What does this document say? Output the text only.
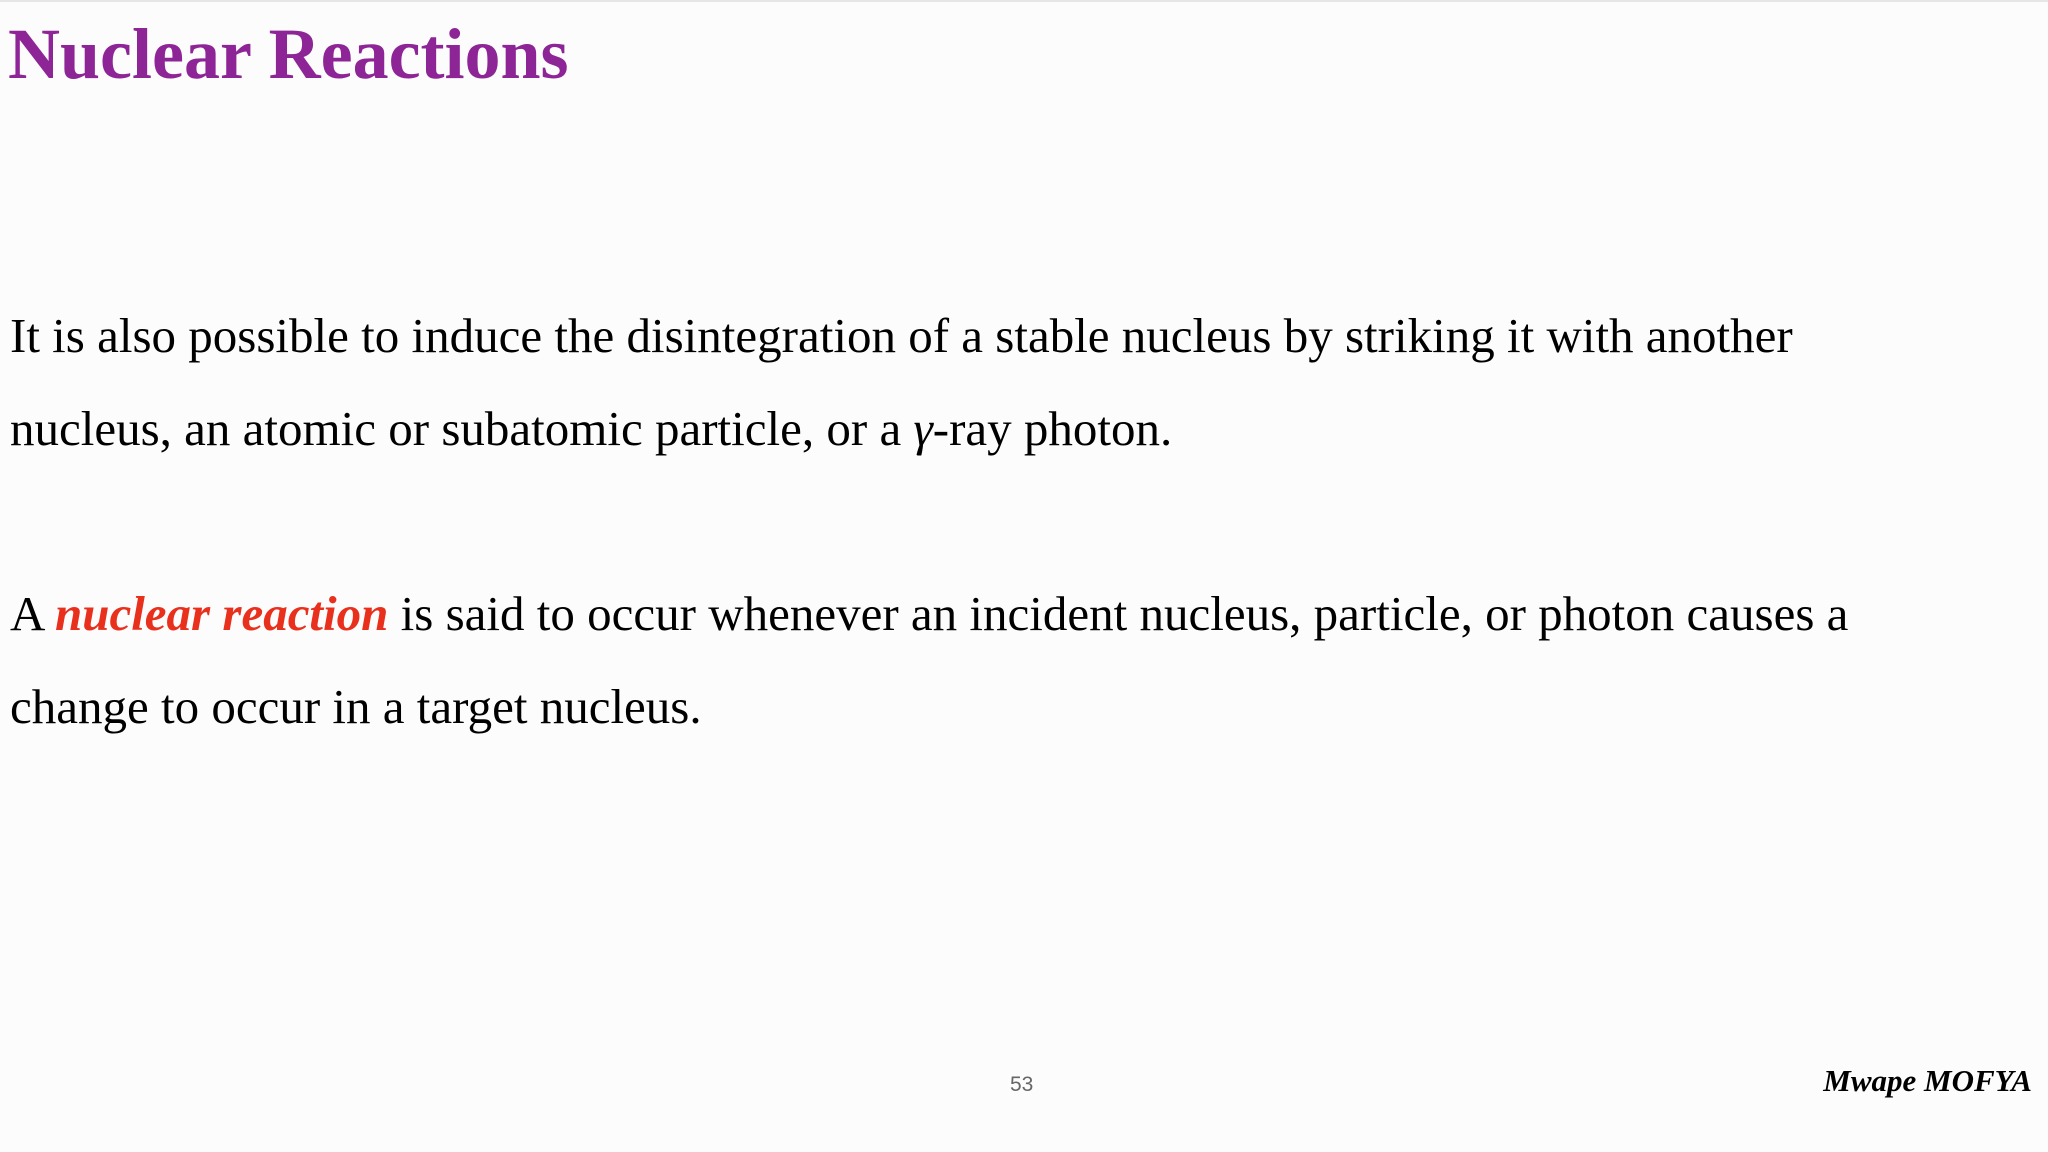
Nuclear Reactions

It is also possible to induce the disintegration of a stable nucleus by striking it with another
nucleus, an atomic or subatomic particle, or a γ-ray photon.

A nuclear reaction is said to occur whenever an incident nucleus, particle, or photon causes a
change to occur in a target nucleus.

53	Mwape MOFYA
